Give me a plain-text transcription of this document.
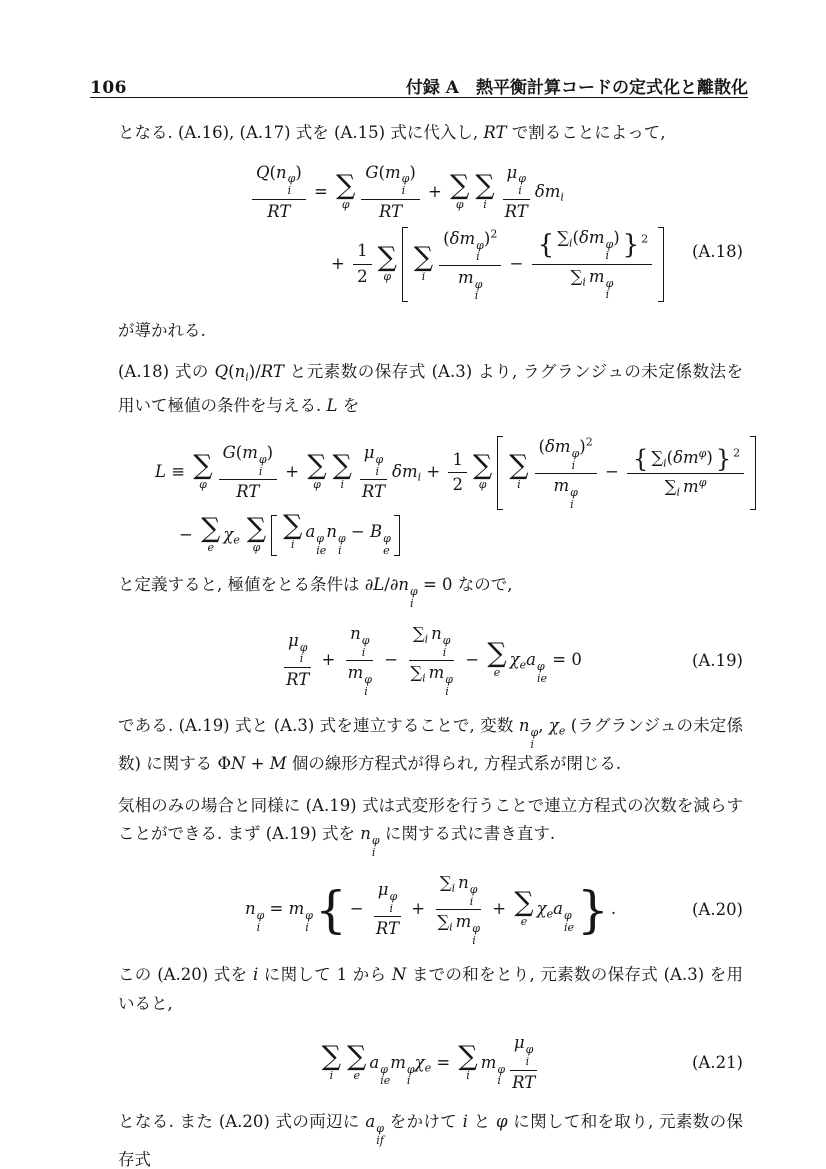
106	付録 A　熱平衡計算コードの定式化と離散化

となる. (A.16), (A.17) 式を (A.15) 式に代入し, RT で割ることによって,

Q(n φ
i
)
RT = ∑
φ G(m φ
i
)
RT + ∑
φ
∑
i μ φ
i
RT δmi
+ $\frac{1}{2}$ ∑
φ
∑
i (δm φ
i
)$^2$
m φ
i − { ∑i(δm φ
i
) } $^2$
∑i m φ
i (A.18)

が導かれる.

(A.18) 式の Q(ni)/RT と元素数の保存式 (A.3) より, ラグランジュの未定係数法を用いて極値の条件を与える. L を

L ≡ ∑
φ G(m φ
i
)
RT + ∑
φ
∑
i μ φ
i
RT $\delta mi + \frac{1}{2}$ ∑
φ
∑
i (δm φ
i
)$^2$
m φ
$i - \frac{\{ \sum i(\delta m^\varphi) \} ^2}{\sum i m^\varphi}$
− ∑
e
χe ∑
φ
∑
i
a φ
ie
n φ
i
− B φ
e

と定義すると, 極値をとる条件は ∂L/∂n φ
i
= 0 なので,

μ φ
i
RT + n φ
i
m φ
i − ∑i n φ
i
∑i m φ
i − ∑
e
χea φ
ie
= 0	(A.19)

である. (A.19) 式と (A.3) 式を連立することで, 変数 n φ
i
, χe (ラグランジュの未定係数) に関する ΦN + M 個の線形方程式が得られ, 方程式系が閉じる.

気相のみの場合と同様に (A.19) 式は式変形を行うことで連立方程式の次数を減らすことができる. まず (A.19) 式を n φ
i
に関する式に書き直す.

n φ
i
= m φ
i { − μ φ
i
RT + ∑i n φ
i
∑i m φ
i + ∑
e
χea φ
ie } .	(A.20)

この (A.20) 式を i に関して 1 から N までの和をとり, 元素数の保存式 (A.3) を用いると,

∑
i
∑
e
a φ
ie
m φ
i
χe = ∑
i
m φ
i μ φ
i
RT	(A.21)

となる. また (A.20) 式の両辺に a φ
if
をかけて i と φ に関して和を取り, 元素数の保存式
